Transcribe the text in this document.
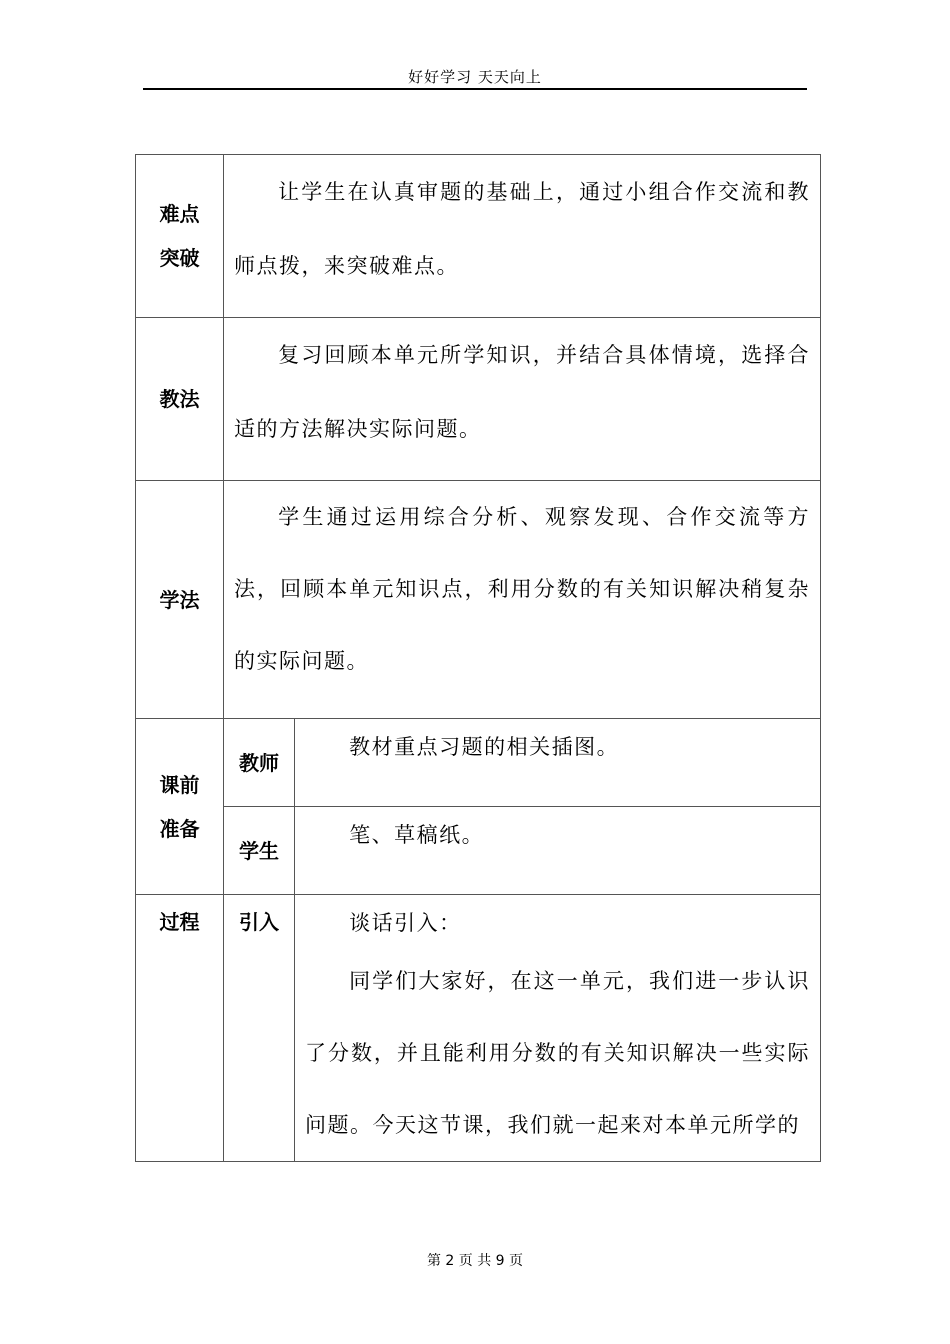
好好学习 天天向上
难点
突破	让学生在认真审题的基础上，通过小组合作交流和教师点拨，来突破难点。	

教法	复习回顾本单元所学知识，并结合具体情境，选择合适的方法解决实际问题。	

学法	学生通过运用综合分析、观察发现、合作交流等方法，回顾本单元知识点，利用分数的有关知识解决稍复杂的实际问题。	

课前
准备	教师	教材重点习题的相关插图。

	学生	笔、草稿纸。

过程	引入	谈话引入：
同学们大家好，在这一单元，我们进一步认识了分数，并且能利用分数的有关知识解决一些实际问题。今天这节课，我们就一起来对本单元所学的
第 2 页 共 9 页
